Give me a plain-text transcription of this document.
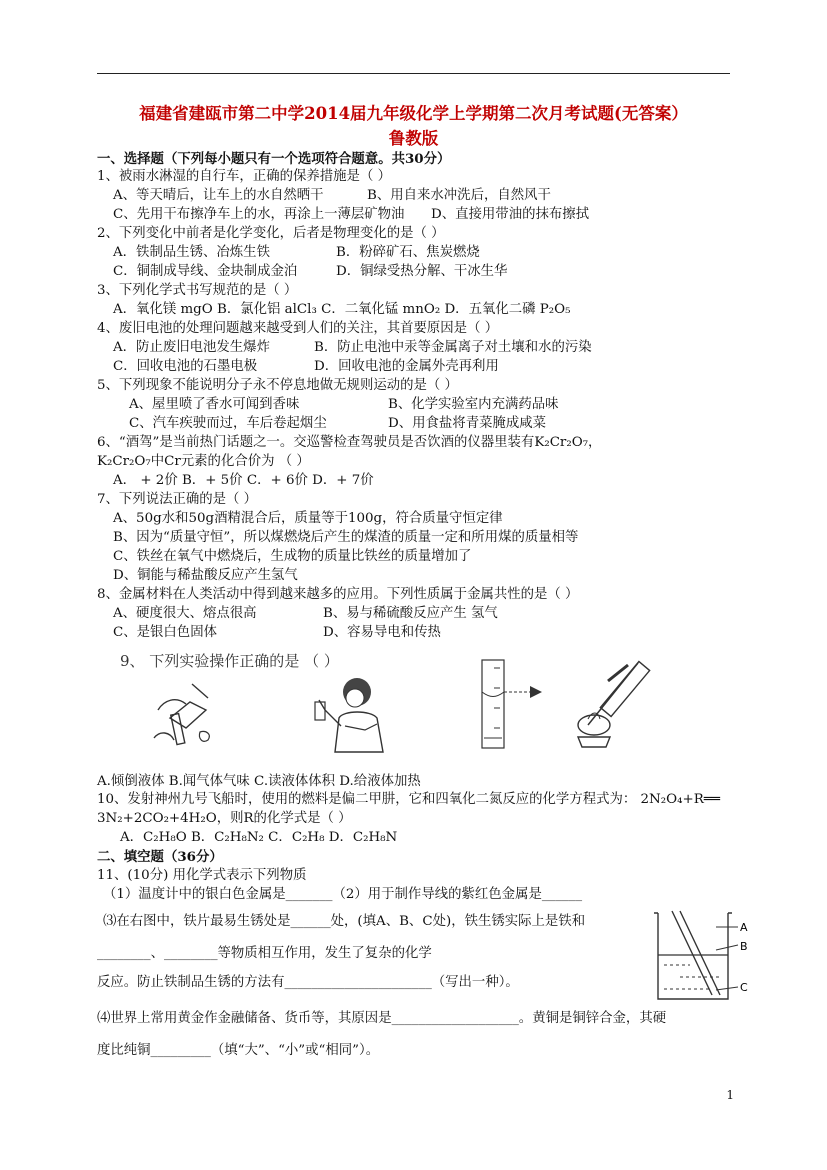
福建省建瓯市第二中学2014届九年级化学上学期第二次月考试题(无答案）
鲁教版
一、选择题（下列每小题只有一个选项符合题意。共30分）
1、被雨水淋湿的自行车，正确的保养措施是（ ）
A、等天晴后，让车上的水自然晒干	B、用自来水冲洗后，自然风干
C、先用干布擦净车上的水，再涂上一薄层矿物油 D、直接用带油的抹布擦拭
2、下列变化中前者是化学变化，后者是物理变化的是（ ）
A．铁制品生锈、冶炼生铁	B．粉碎矿石、焦炭燃烧
C．铜制成导线、金块制成金泊	D．铜绿受热分解、干冰生华
3、下列化学式书写规范的是（ ）
A．氧化镁 mgO B．氯化铝 alCl₃ C．二氧化锰 mnO₂ D．五氧化二磷 P₂O₅
4、废旧电池的处理问题越来越受到人们的关注，其首要原因是（ ）
A．防止废旧电池发生爆炸	B．防止电池中汞等金属离子对土壤和水的污染
C．回收电池的石墨电极	D．回收电池的金属外壳再利用
5、下列现象不能说明分子永不停息地做无规则运动的是（ ）
A、屋里喷了香水可闻到香味	B、化学实验室内充满药品味
C、汽车疾驶而过，车后卷起烟尘	D、用食盐将青菜腌成咸菜
6、“酒驾”是当前热门话题之一。交巡警检查驾驶员是否饮酒的仪器里装有K₂Cr₂O₇，
K₂Cr₂O₇中Cr元素的化合价为 （ ）
A． + 2价 B．+ 5价 C．+ 6价 D．+ 7价
7、下列说法正确的是（ ）
A、50g水和50g酒精混合后，质量等于100g，符合质量守恒定律
B、因为“质量守恒”，所以煤燃烧后产生的煤渣的质量一定和所用煤的质量相等
C、铁丝在氧气中燃烧后，生成物的质量比铁丝的质量增加了
D、铜能与稀盐酸反应产生氢气
8、金属材料在人类活动中得到越来越多的应用。下列性质属于金属共性的是（ ）
A、硬度很大、熔点很高	B、易与稀硫酸反应产生 氢气
C、是银白色固体	D、容易导电和传热
9、 下列实验操作正确的是 （ ）
A.倾倒液体 B.闻气体气味 C.读液体体积 D.给液体加热
10、发射神州九号飞船时，使用的燃料是偏二甲肼，它和四氧化二氮反应的化学方程式为： 2N₂O₄+R══
3N₂+2CO₂+4H₂O，则R的化学式是（ ）
A．C₂H₈O B．C₂H₈N₂ C．C₂H₈ D．C₂H₈N
二、填空题（36分）
11、(10分) 用化学式表示下列物质
（1）温度计中的银白色金属是_______（2）用于制作导线的紫红色金属是______
⑶在右图中，铁片最易生锈处是______处，(填A、B、C处)，铁生锈实际上是铁和
________、________等物质相互作用，发生了复杂的化学
反应。防止铁制品生锈的方法有______________________（写出一种）。
⑷世界上常用黄金作金融储备、货币等，其原因是___________________。黄铜是铜锌合金，其硬
度比纯铜_________（填“大”、“小”或“相同”）。
A
B
C
1
